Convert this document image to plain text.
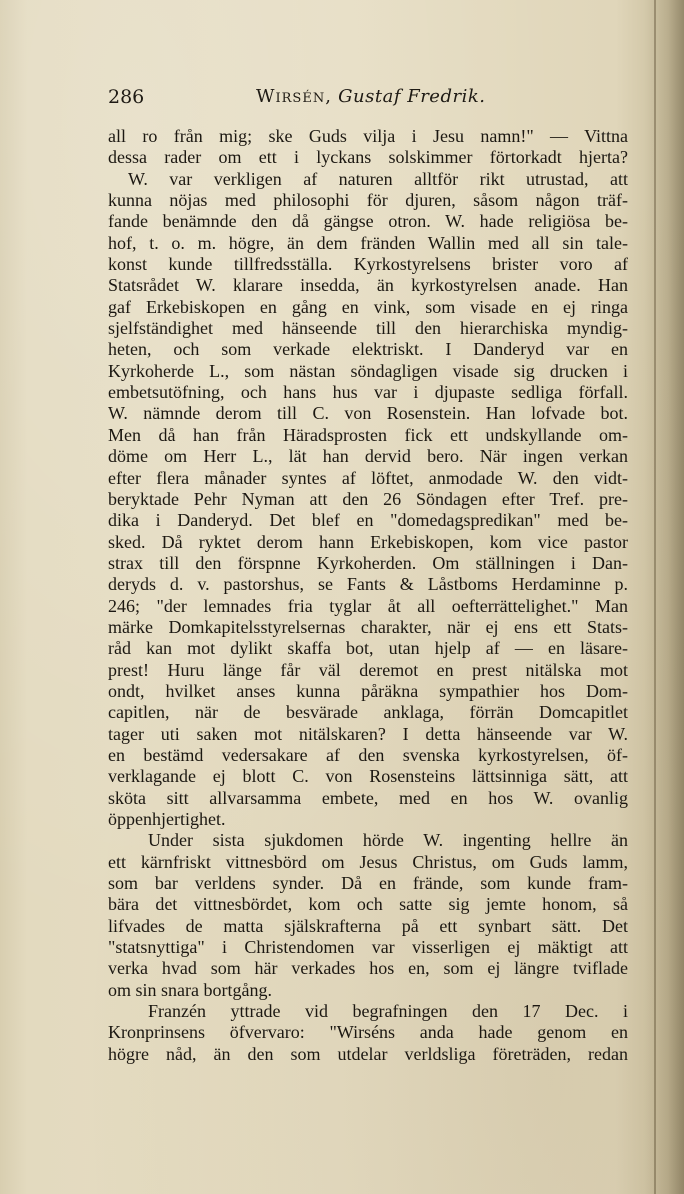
286	Wirsén, Gustaf Fredrik.
all ro från mig; ske Guds vilja i Jesu namn!" — Vittna
dessa rader om ett i lyckans solskimmer förtorkadt hjerta?
W. var verkligen af naturen alltför rikt utrustad, att
kunna nöjas med philosophi för djuren, såsom någon träf-
fande benämnde den då gängse otron. W. hade religiösa be-
hof, t. o. m. högre, än dem fränden Wallin med all sin tale-
konst kunde tillfredsställa. Kyrkostyrelsens brister voro af
Statsrådet W. klarare insedda, än kyrkostyrelsen anade. Han
gaf Erkebiskopen en gång en vink, som visade en ej ringa
sjelfständighet med hänseende till den hierarchiska myndig-
heten, och som verkade elektriskt. I Danderyd var en
Kyrkoherde L., som nästan söndagligen visade sig drucken i
embetsutöfning, och hans hus var i djupaste sedliga förfall.
W. nämnde derom till C. von Rosenstein. Han lofvade bot.
Men då han från Häradsprosten fick ett undskyllande om-
döme om Herr L., lät han dervid bero. När ingen verkan
efter flera månader syntes af löftet, anmodade W. den vidt-
beryktade Pehr Nyman att den 26 Söndagen efter Tref. pre-
dika i Danderyd. Det blef en "domedagspredikan" med be-
sked. Då ryktet derom hann Erkebiskopen, kom vice pastor
strax till den förspnne Kyrkoherden. Om ställningen i Dan-
deryds d. v. pastorshus, se Fants & Låstboms Herdaminne p.
246; "der lemnades fria tyglar åt all oefterrättelighet." Man
märke Domkapitelsstyrelsernas charakter, när ej ens ett Stats-
råd kan mot dylikt skaffa bot, utan hjelp af — en läsare-
prest! Huru länge får väl deremot en prest nitälska mot
ondt, hvilket anses kunna påräkna sympathier hos Dom-
capitlen, när de besvärade anklaga, förrän Domcapitlet
tager uti saken mot nitälskaren? I detta hänseende var W.
en bestämd vedersakare af den svenska kyrkostyrelsen, öf-
verklagande ej blott C. von Rosensteins lättsinniga sätt, att
sköta sitt allvarsamma embete, med en hos W. ovanlig
öppenhjertighet.
Under sista sjukdomen hörde W. ingenting hellre än
ett kärnfriskt vittnesbörd om Jesus Christus, om Guds lamm,
som bar verldens synder. Då en frände, som kunde fram-
bära det vittnesbördet, kom och satte sig jemte honom, så
lifvades de matta själskrafterna på ett synbart sätt. Det
"statsnyttiga" i Christendomen var visserligen ej mäktigt att
verka hvad som här verkades hos en, som ej längre tviflade
om sin snara bortgång.
Franzén yttrade vid begrafningen den 17 Dec. i
Kronprinsens öfvervaro: "Wirséns anda hade genom en
högre nåd, än den som utdelar verldsliga företräden, redan
